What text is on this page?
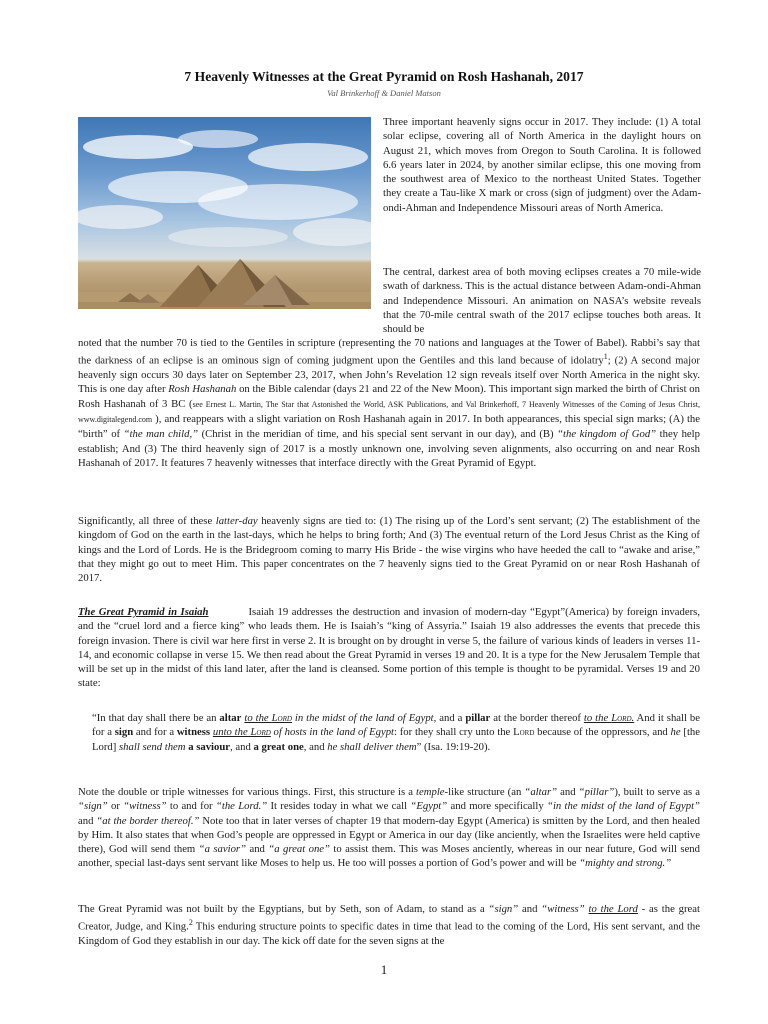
7 Heavenly Witnesses at the Great Pyramid on Rosh Hashanah, 2017
Val Brinkerhoff & Daniel Matson

Three important heavenly signs occur in 2017. They include: (1) A total solar eclipse, covering all of North America in the daylight hours on August 21, which moves from Oregon to South Carolina. It is followed 6.6 years later in 2024, by another similar eclipse, this one moving from the southwest area of Mexico to the northeast United States. Together they create a Tau-like X mark or cross (sign of judgment) over the Adam-ondi-Ahman and Independence Missouri areas of North America.

The central, darkest area of both moving eclipses creates a 70 mile-wide swath of darkness. This is the actual distance between Adam-ondi-Ahman and Independence Missouri. An animation on NASA’s website reveals that the 70-mile central swath of the 2017 eclipse touches both areas. It should be

noted that the number 70 is tied to the Gentiles in scripture (representing the 70 nations and languages at the Tower of Babel). Rabbi’s say that the darkness of an eclipse is an ominous sign of coming judgment upon the Gentiles and this land because of idolatry$^1$; (2) A second major heavenly sign occurs 30 days later on September 23, 2017, when John’s Revelation 12 sign reveals itself over North America in the night sky. This is one day after Rosh Hashanah on the Bible calendar (days 21 and 22 of the New Moon). This important sign marked the birth of Christ on Rosh Hashanah of 3 BC (see Ernest L. Martin, The Star that Astonished the World, ASK Publications, and Val Brinkerhoff, 7 Heavenly Witnesses of the Coming of Jesus Christ, www.digitalegend.com ), and reappears with a slight variation on Rosh Hashanah again in 2017. In both appearances, this special sign marks; (A) the “birth” of “the man child,” (Christ in the meridian of time, and his special sent servant in our day), and (B) “the kingdom of God” they help establish; And (3) The third heavenly sign of 2017 is a mostly unknown one, involving seven alignments, also occurring on and near Rosh Hashanah of 2017. It features 7 heavenly witnesses that interface directly with the Great Pyramid of Egypt.

Significantly, all three of these latter-day heavenly signs are tied to: (1) The rising up of the Lord’s sent servant; (2) The establishment of the kingdom of God on the earth in the last-days, which he helps to bring forth; And (3) The eventual return of the Lord Jesus Christ as the King of kings and the Lord of Lords. He is the Bridegroom coming to marry His Bride - the wise virgins who have heeded the call to “awake and arise,” that they might go out to meet Him. This paper concentrates on the 7 heavenly signs tied to the Great Pyramid on or near Rosh Hashanah of 2017.

The Great Pyramid in Isaiah	Isaiah 19 addresses the destruction and invasion of modern-day “Egypt”(America) by foreign invaders, and the “cruel lord and a fierce king” who leads them. He is Isaiah’s “king of Assyria.” Isaiah 19 also addresses the events that precede this foreign invasion. There is civil war here first in verse 2. It is brought on by drought in verse 5, the failure of various kinds of leaders in verses 11-14, and economic collapse in verse 15. We then read about the Great Pyramid in verses 19 and 20. It is a type for the New Jerusalem Temple that will be set up in the midst of this land later, after the land is cleansed. Some portion of this temple is thought to be pyramidal. Verses 19 and 20 state:

“In that day shall there be an altar to the Lord in the midst of the land of Egypt, and a pillar at the border thereof to the Lord. And it shall be for a sign and for a witness unto the Lord of hosts in the land of Egypt: for they shall cry unto the Lord because of the oppressors, and he [the Lord] shall send them a saviour, and a great one, and he shall deliver them” (Isa. 19:19-20).

Note the double or triple witnesses for various things. First, this structure is a temple-like structure (an “altar” and “pillar”), built to serve as a “sign” or “witness” to and for “the Lord.” It resides today in what we call “Egypt” and more specifically “in the midst of the land of Egypt” and “at the border thereof.” Note too that in later verses of chapter 19 that modern-day Egypt (America) is smitten by the Lord, and then healed by Him. It also states that when God’s people are oppressed in Egypt or America in our day (like anciently, when the Israelites were held captive there), God will send them “a savior” and “a great one” to assist them. This was Moses anciently, whereas in our near future, God will send another, special last-days sent servant like Moses to help us. He too will posses a portion of God’s power and will be “mighty and strong.”

The Great Pyramid was not built by the Egyptians, but by Seth, son of Adam, to stand as a “sign” and “witness” to the Lord - as the great Creator, Judge, and King.$^2$ This enduring structure points to specific dates in time that lead to the coming of the Lord, His sent servant, and the Kingdom of God they establish in our day. The kick off date for the seven signs at the

1
